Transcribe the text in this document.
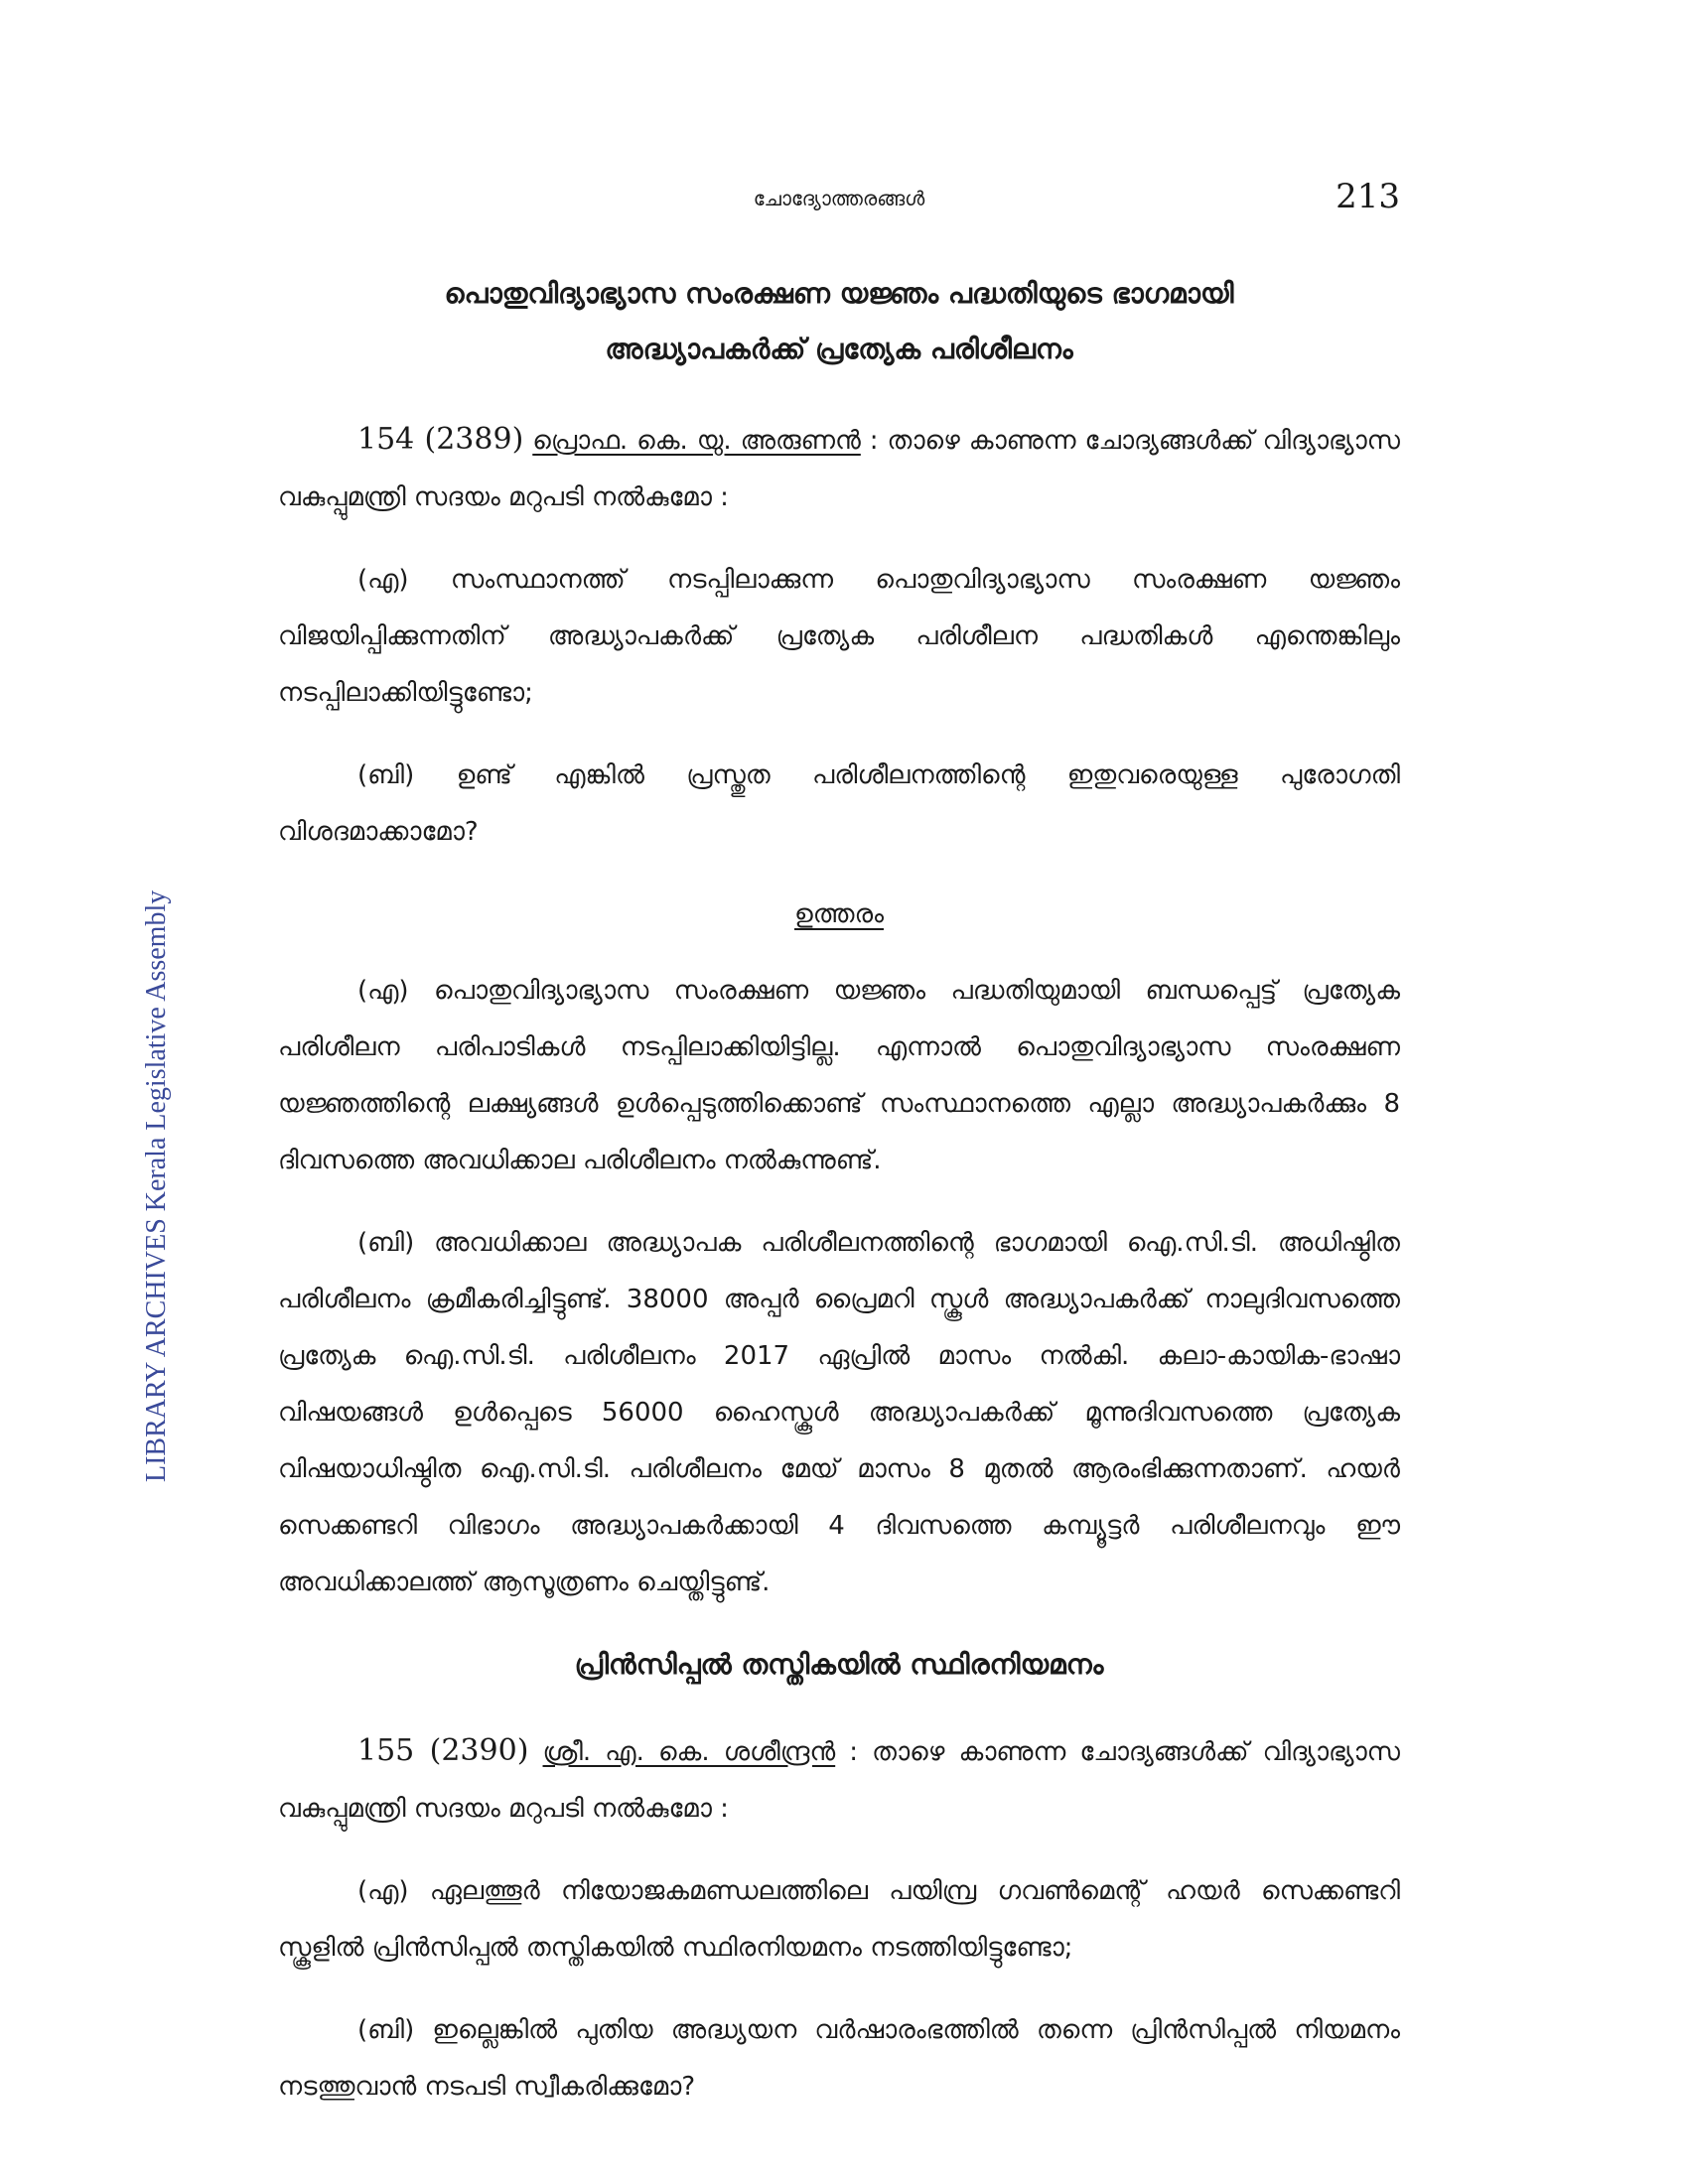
ചോദ്യോത്തരങ്ങൾ	213
LIBRARY ARCHIVES Kerala Legislative Assembly
പൊതുവിദ്യാഭ്യാസ സംരക്ഷണ യജ്ഞം പദ്ധതിയുടെ ഭാഗമായി
അദ്ധ്യാപകർക്ക് പ്രത്യേക പരിശീലനം

154 (2389) പ്രൊഫ. കെ. യു. അരുണൻ : താഴെ കാണുന്ന ചോദ്യങ്ങൾക്ക് വിദ്യാഭ്യാസ വകുപ്പുമന്ത്രി സദയം മറുപടി നൽകുമോ :

(എ) സംസ്ഥാനത്ത് നടപ്പിലാക്കുന്ന പൊതുവിദ്യാഭ്യാസ സംരക്ഷണ യജ്ഞം വിജയിപ്പിക്കുന്നതിന് അദ്ധ്യാപകർക്ക് പ്രത്യേക പരിശീലന പദ്ധതികൾ എന്തെങ്കിലും നടപ്പിലാക്കിയിട്ടുണ്ടോ;

(ബി) ഉണ്ട് എങ്കിൽ പ്രസ്തുത പരിശീലനത്തിന്റെ ഇതുവരെയുള്ള പുരോഗതി വിശദമാക്കാമോ?

ഉത്തരം

(എ) പൊതുവിദ്യാഭ്യാസ സംരക്ഷണ യജ്ഞം പദ്ധതിയുമായി ബന്ധപ്പെട്ട് പ്രത്യേക പരിശീലന പരിപാടികൾ നടപ്പിലാക്കിയിട്ടില്ല. എന്നാൽ പൊതുവിദ്യാഭ്യാസ സംരക്ഷണ യജ്ഞത്തിന്റെ ലക്ഷ്യങ്ങൾ ഉൾപ്പെടുത്തിക്കൊണ്ട് സംസ്ഥാനത്തെ എല്ലാ അദ്ധ്യാപകർക്കും 8 ദിവസത്തെ അവധിക്കാല പരിശീലനം നൽകുന്നുണ്ട്.

(ബി) അവധിക്കാല അദ്ധ്യാപക പരിശീലനത്തിന്റെ ഭാഗമായി ഐ.സി.ടി. അധിഷ്ഠിത പരിശീലനം ക്രമീകരിച്ചിട്ടുണ്ട്. 38000 അപ്പർ പ്രൈമറി സ്കൂൾ അദ്ധ്യാപകർക്ക് നാലുദിവസത്തെ പ്രത്യേക ഐ.സി.ടി. പരിശീലനം 2017 ഏപ്രിൽ മാസം നൽകി. കലാ-കായിക-ഭാഷാ വിഷയങ്ങൾ ഉൾപ്പെടെ 56000 ഹൈസ്കൂൾ അദ്ധ്യാപകർക്ക് മൂന്നുദിവസത്തെ പ്രത്യേക വിഷയാധിഷ്ഠിത ഐ.സി.ടി. പരിശീലനം മേയ് മാസം 8 മുതൽ ആരംഭിക്കുന്നതാണ്. ഹയർ സെക്കണ്ടറി വിഭാഗം അദ്ധ്യാപകർക്കായി 4 ദിവസത്തെ കമ്പ്യൂട്ടർ പരിശീലനവും ഈ അവധിക്കാലത്ത് ആസൂത്രണം ചെയ്തിട്ടുണ്ട്.

പ്രിൻസിപ്പൽ തസ്തികയിൽ സ്ഥിരനിയമനം

155 (2390) ശ്രീ. എ. കെ. ശശീന്ദ്രൻ : താഴെ കാണുന്ന ചോദ്യങ്ങൾക്ക് വിദ്യാഭ്യാസ വകുപ്പുമന്ത്രി സദയം മറുപടി നൽകുമോ :

(എ) ഏലത്തൂർ നിയോജകമണ്ഡലത്തിലെ പയിമ്പ്ര ഗവൺമെന്റ് ഹയർ സെക്കണ്ടറി സ്കൂളിൽ പ്രിൻസിപ്പൽ തസ്തികയിൽ സ്ഥിരനിയമനം നടത്തിയിട്ടുണ്ടോ;

(ബി) ഇല്ലെങ്കിൽ പുതിയ അദ്ധ്യയന വർഷാരംഭത്തിൽ തന്നെ പ്രിൻസിപ്പൽ നിയമനം നടത്തുവാൻ നടപടി സ്വീകരിക്കുമോ?
